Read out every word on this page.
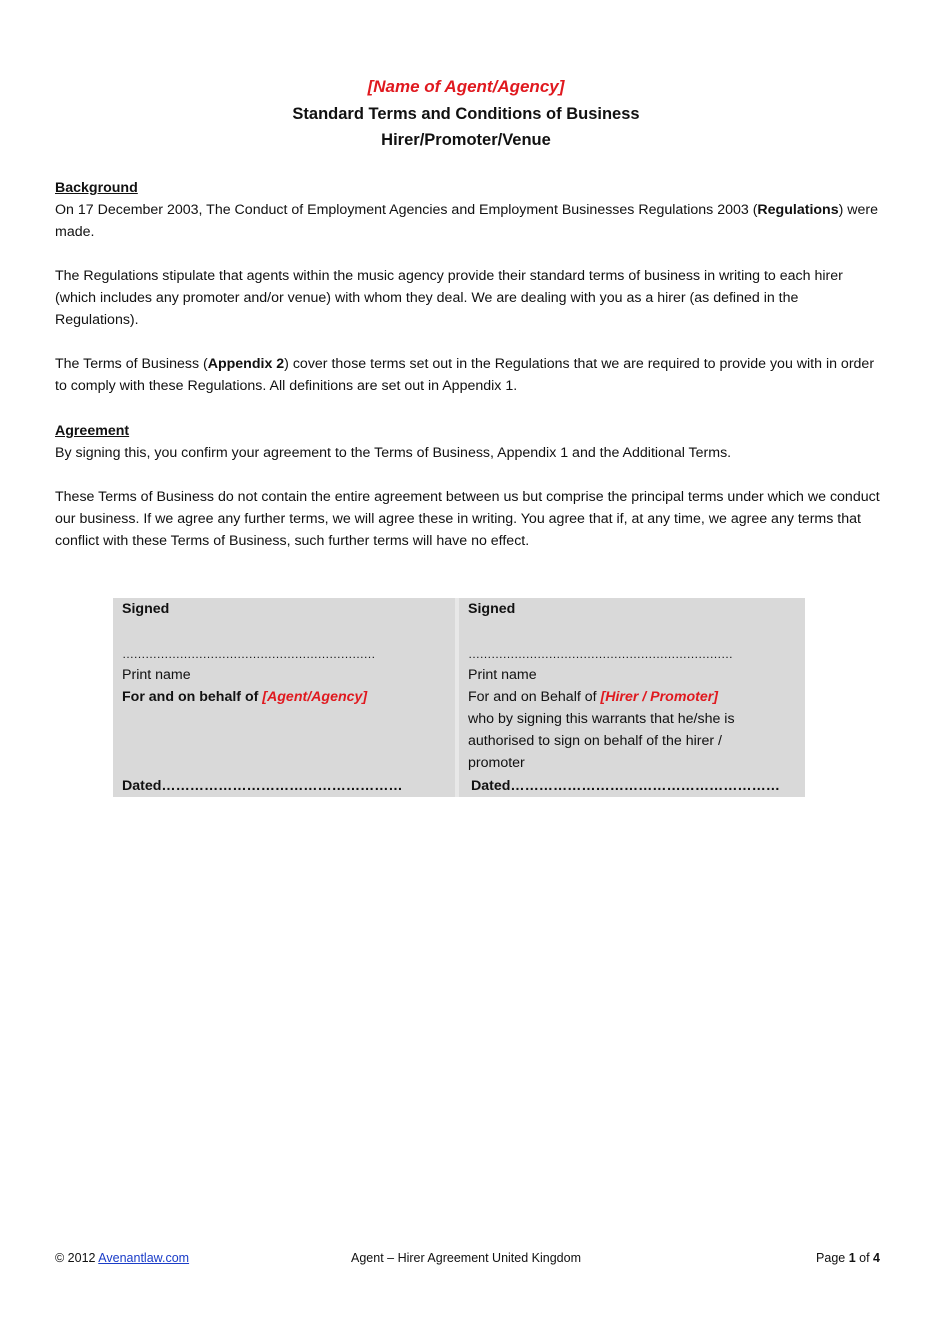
[Name of Agent/Agency]
Standard Terms and Conditions of Business
Hirer/Promoter/Venue

Background

On 17 December 2003, The Conduct of Employment Agencies and Employment Businesses Regulations 2003 (Regulations) were made.

The Regulations stipulate that agents within the music agency provide their standard terms of business in writing to each hirer (which includes any promoter and/or venue) with whom they deal. We are dealing with you as a hirer (as defined in the Regulations).

The Terms of Business (Appendix 2) cover those terms set out in the Regulations that we are required to provide you with in order to comply with these Regulations. All definitions are set out in Appendix 1.

Agreement

By signing this, you confirm your agreement to the Terms of Business, Appendix 1 and the Additional Terms.

These Terms of Business do not contain the entire agreement between us but comprise the principal terms under which we conduct our business. If we agree any further terms, we will agree these in writing. You agree that if, at any time, we agree any terms that conflict with these Terms of Business, such further terms will have no effect.

Signed
…………………………………………………………
Print name
For and on behalf of [Agent/Agency]
Dated……………………………………………
Signed
……………………………………………………………
Print name
For and on Behalf of [Hirer / Promoter]
who by signing this warrants that he/she is
authorised to sign on behalf of the hirer /
promoter
Dated…………………………………………………
© 2012 Avenantlaw.com	Agent – Hirer Agreement United Kingdom	Page 1 of 4
